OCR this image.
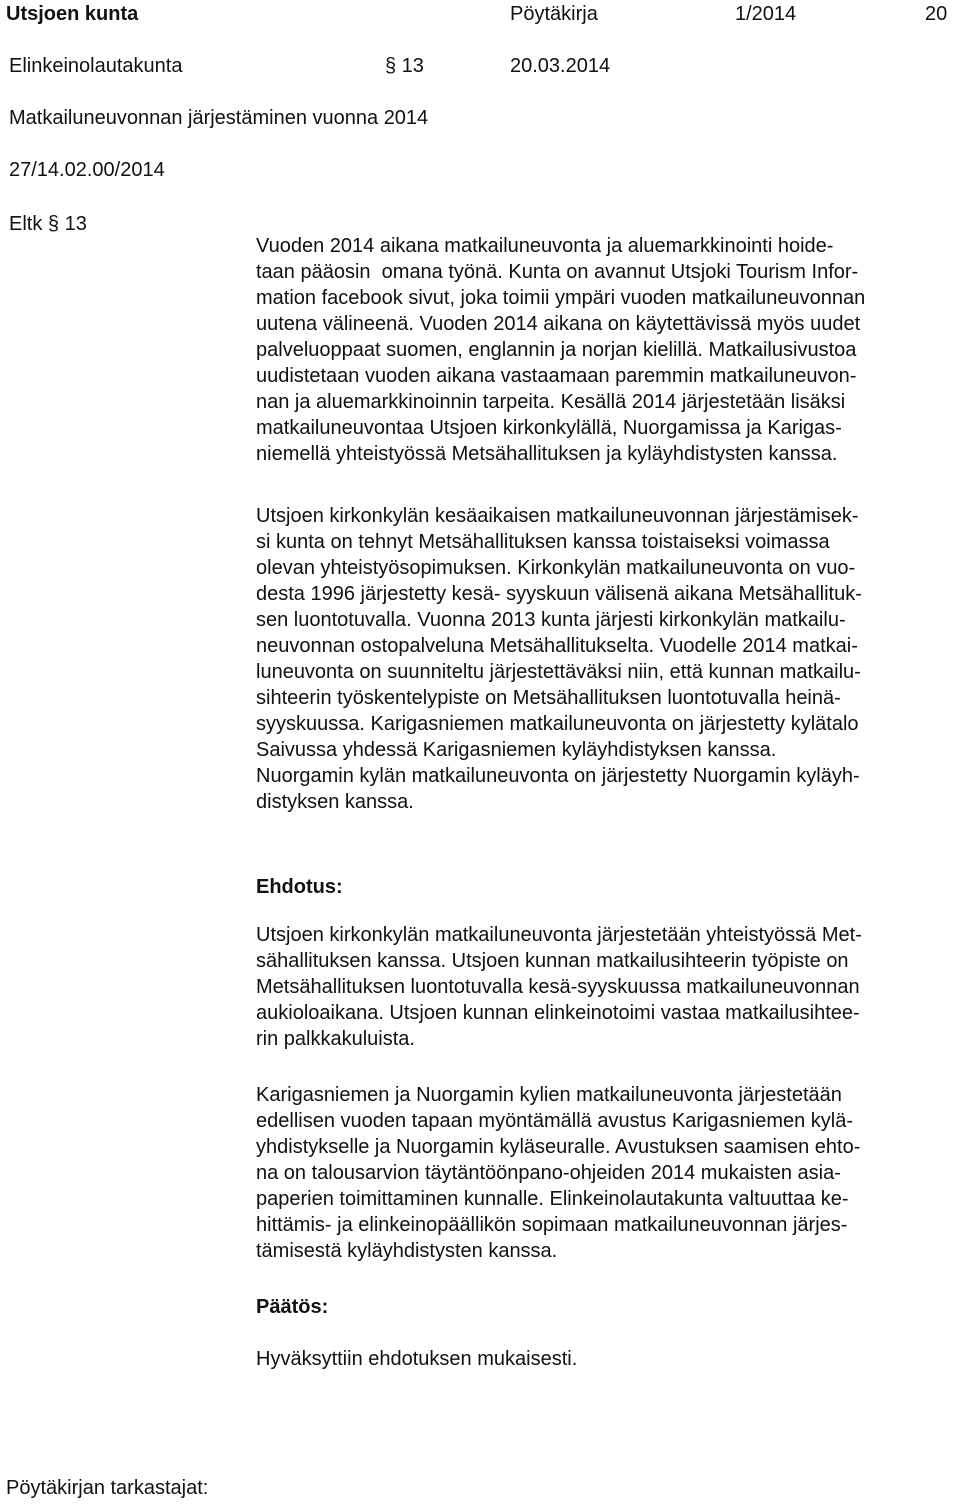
Utsjoen kunta	Pöytäkirja	1/2014	20
Elinkeinolautakunta	§ 13	20.03.2014
Matkailuneuvonnan järjestäminen vuonna 2014
27/14.02.00/2014
Eltk § 13

Vuoden 2014 aikana matkailuneuvonta ja aluemarkkinointi hoide-

taan pääosin  omana työnä. Kunta on avannut Utsjoki Tourism Infor-

mation facebook sivut, joka toimii ympäri vuoden matkailuneuvonnan

uutena välineenä. Vuoden 2014 aikana on käytettävissä myös uudet

palveluoppaat suomen, englannin ja norjan kielillä. Matkailusivustoa

uudistetaan vuoden aikana vastaamaan paremmin matkailuneuvon-

nan ja aluemarkkinoinnin tarpeita. Kesällä 2014 järjestetään lisäksi

matkailuneuvontaa Utsjoen kirkonkylällä, Nuorgamissa ja Karigas-

niemellä yhteistyössä Metsähallituksen ja kyläyhdistysten kanssa.

Utsjoen kirkonkylän kesäaikaisen matkailuneuvonnan järjestämisek-

si kunta on tehnyt Metsähallituksen kanssa toistaiseksi voimassa

olevan yhteistyösopimuksen. Kirkonkylän matkailuneuvonta on vuo-

desta 1996 järjestetty kesä- syyskuun välisenä aikana Metsähallituk-

sen luontotuvalla. Vuonna 2013 kunta järjesti kirkonkylän matkailu-

neuvonnan ostopalveluna Metsähallitukselta. Vuodelle 2014 matkai-

luneuvonta on suunniteltu järjestettäväksi niin, että kunnan matkailu-

sihteerin työskentelypiste on Metsähallituksen luontotuvalla heinä-

syyskuussa. Karigasniemen matkailuneuvonta on järjestetty kylätalo

Saivussa yhdessä Karigasniemen kyläyhdistyksen kanssa.

Nuorgamin kylän matkailuneuvonta on järjestetty Nuorgamin kyläyh-

distyksen kanssa.

Ehdotus:

Utsjoen kirkonkylän matkailuneuvonta järjestetään yhteistyössä Met-

sähallituksen kanssa. Utsjoen kunnan matkailusihteerin työpiste on

Metsähallituksen luontotuvalla kesä-syyskuussa matkailuneuvonnan

aukioloaikana. Utsjoen kunnan elinkeinotoimi vastaa matkailusihtee-

rin palkkakuluista.

Karigasniemen ja Nuorgamin kylien matkailuneuvonta järjestetään

edellisen vuoden tapaan myöntämällä avustus Karigasniemen kylä-

yhdistykselle ja Nuorgamin kyläseuralle. Avustuksen saamisen ehto-

na on talousarvion täytäntöönpano-ohjeiden 2014 mukaisten asia-

paperien toimittaminen kunnalle. Elinkeinolautakunta valtuuttaa ke-

hittämis- ja elinkeinopäällikön sopimaan matkailuneuvonnan järjes-

tämisestä kyläyhdistysten kanssa.

Päätös:

Hyväksyttiin ehdotuksen mukaisesti.

Pöytäkirjan tarkastajat:
